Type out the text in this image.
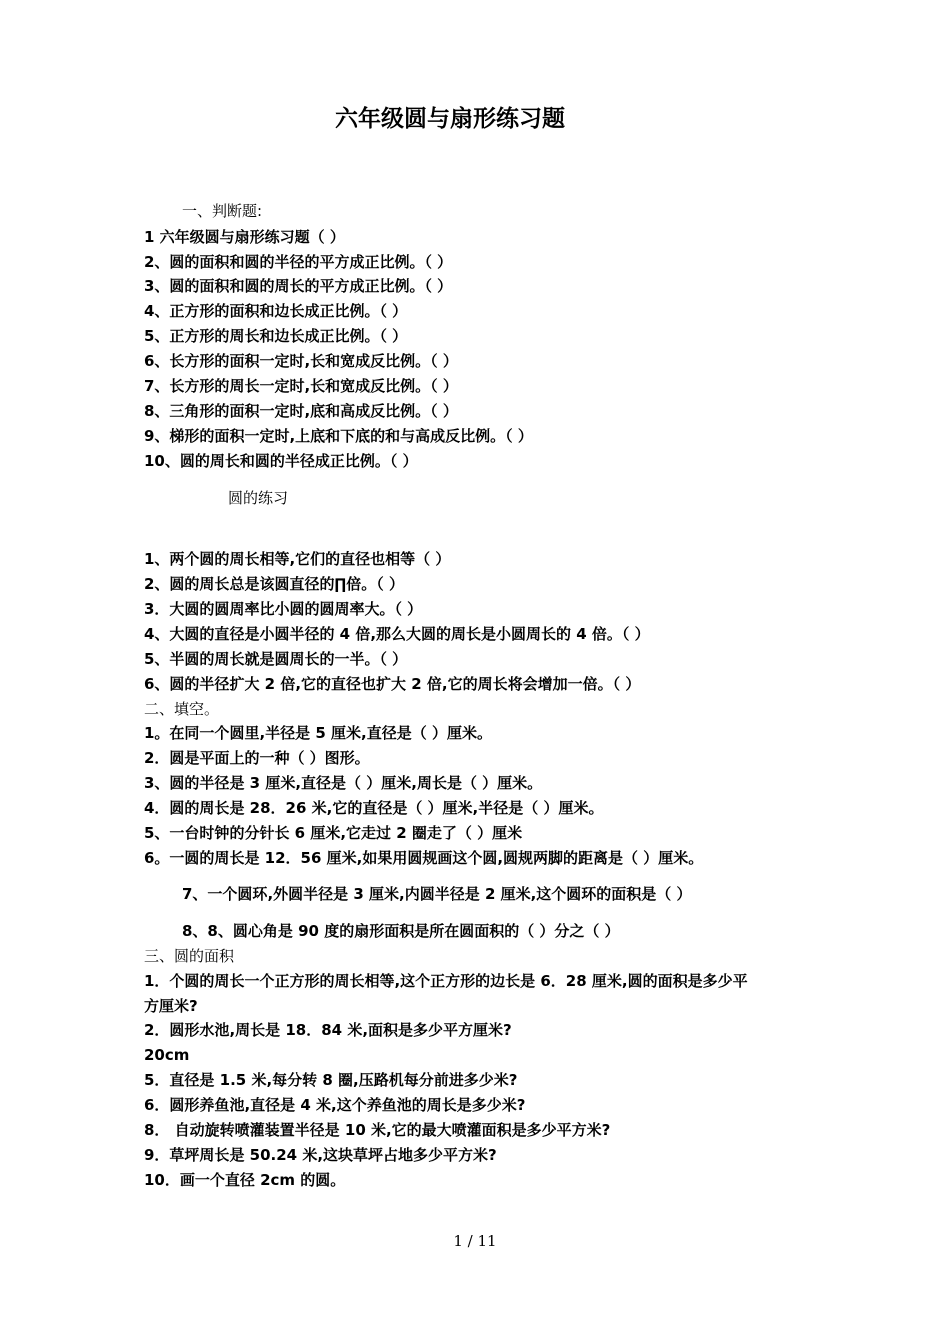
六年级圆与扇形练习题
一、判断题:
1 六年级圆与扇形练习题（ ）
2、圆的面积和圆的半径的平方成正比例。（ ）
3、圆的面积和圆的周长的平方成正比例。（ ）
4、正方形的面积和边长成正比例。（ ）
5、正方形的周长和边长成正比例。（ ）
6、长方形的面积一定时,长和宽成反比例。（ ）
7、长方形的周长一定时,长和宽成反比例。（ ）
8、三角形的面积一定时,底和高成反比例。（ ）
9、梯形的面积一定时,上底和下底的和与高成反比例。（ ）
10、圆的周长和圆的半径成正比例。（ ）
圆的练习
1、两个圆的周长相等,它们的直径也相等（ ）
2、圆的周长总是该圆直径的∏倍。（ ）
3．大圆的圆周率比小圆的圆周率大。（ ）
4、大圆的直径是小圆半径的 4 倍,那么大圆的周长是小圆周长的 4 倍。（ ）
5、半圆的周长就是圆周长的一半。（ ）
6、圆的半径扩大 2 倍,它的直径也扩大 2 倍,它的周长将会增加一倍。（ ）
二、填空。
1。在同一个圆里,半径是 5 厘米,直径是（ ）厘米。
2．圆是平面上的一种（ ）图形。
3、圆的半径是 3 厘米,直径是（ ）厘米,周长是（ ）厘米。
4．圆的周长是 28．26 米,它的直径是（ ）厘米,半径是（ ）厘米。
5、一台时钟的分针长 6 厘米,它走过 2 圈走了（ ）厘米
6。一圆的周长是 12．56 厘米,如果用圆规画这个圆,圆规两脚的距离是（ ）厘米。
7、一个圆环,外圆半径是 3 厘米,内圆半径是 2 厘米,这个圆环的面积是（ ）
8、8、圆心角是 90 度的扇形面积是所在圆面积的（ ）分之（ ）
三、圆的面积
1．个圆的周长一个正方形的周长相等,这个正方形的边长是 6．28 厘米,圆的面积是多少平
方厘米?
2．圆形水池,周长是 18．84 米,面积是多少平方厘米?
20cm
5．直径是 1.5 米,每分转 8 圈,压路机每分前进多少米?
6．圆形养鱼池,直径是 4 米,这个养鱼池的周长是多少米?
8． 自动旋转喷灌装置半径是 10 米,它的最大喷灌面积是多少平方米?
9．草坪周长是 50.24 米,这块草坪占地多少平方米?
10．画一个直径 2cm 的圆。
1 / 11
